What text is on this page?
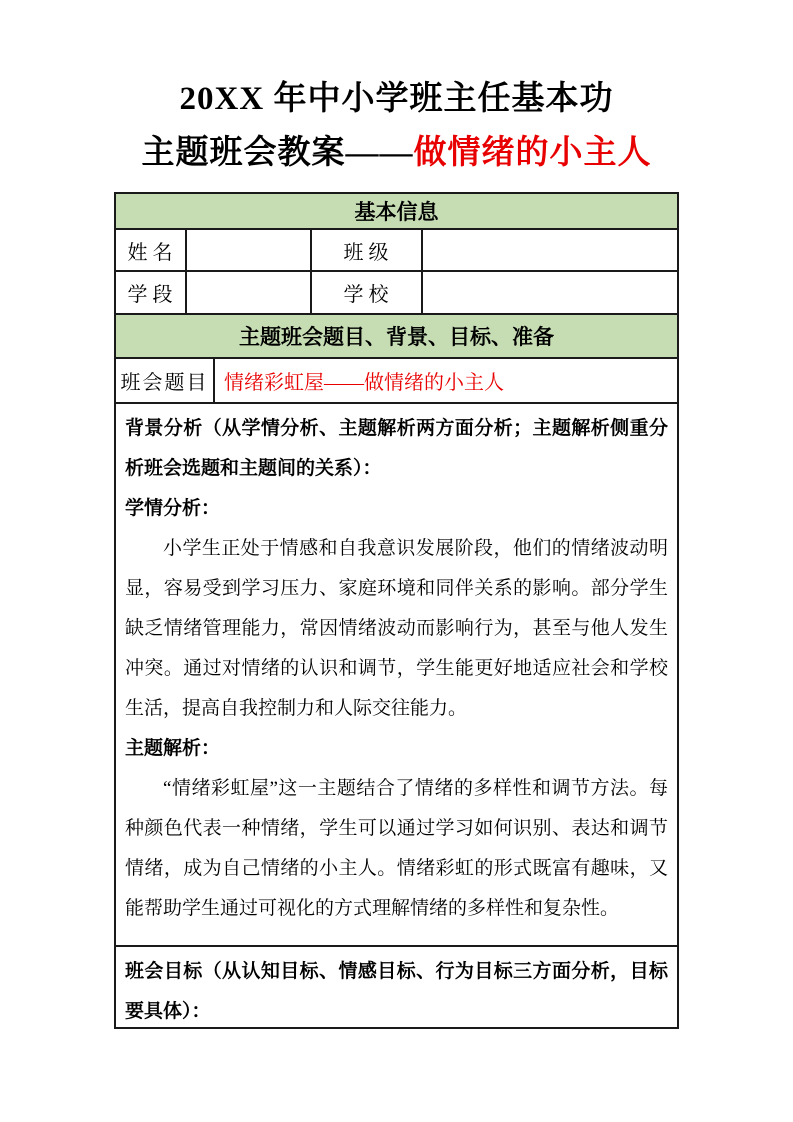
20XX 年中小学班主任基本功
主题班会教案——做情绪的小主人
基本信息
姓名	班级
学段	学校
主题班会题目、背景、目标、准备
班会题目 情绪彩虹屋——做情绪的小主人

背景分析（从学情分析、主题解析两方面分析；主题解析侧重分析班会选题和主题间的关系）：

学情分析：

小学生正处于情感和自我意识发展阶段，他们的情绪波动明显，容易受到学习压力、家庭环境和同伴关系的影响。部分学生缺乏情绪管理能力，常因情绪波动而影响行为，甚至与他人发生冲突。通过对情绪的认识和调节，学生能更好地适应社会和学校生活，提高自我控制力和人际交往能力。

主题解析：

“情绪彩虹屋”这一主题结合了情绪的多样性和调节方法。每种颜色代表一种情绪，学生可以通过学习如何识别、表达和调节情绪，成为自己情绪的小主人。情绪彩虹的形式既富有趣味，又能帮助学生通过可视化的方式理解情绪的多样性和复杂性。

班会目标（从认知目标、情感目标、行为目标三方面分析，目标要具体）：
